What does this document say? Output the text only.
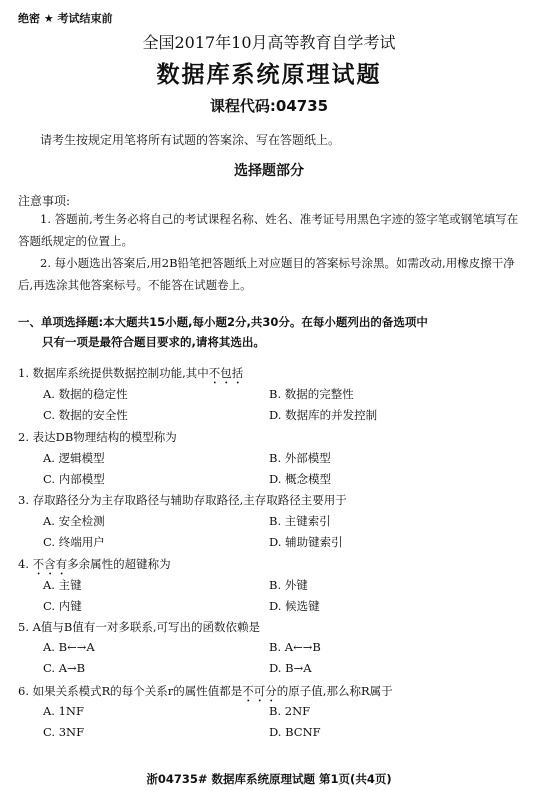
绝密 ★ 考试结束前
全国2017年10月高等教育自学考试
数据库系统原理试题
课程代码:04735
请考生按规定用笔将所有试题的答案涂、写在答题纸上。
选择题部分
注意事项:
1. 答题前,考生务必将自己的考试课程名称、姓名、准考证号用黑色字迹的签字笔或钢笔填写在答题纸规定的位置上。
2. 每小题选出答案后,用2B铅笔把答题纸上对应题目的答案标号涂黑。如需改动,用橡皮擦干净后,再选涂其他答案标号。不能答在试题卷上。
一、单项选择题:本大题共15小题,每小题2分,共30分。在每小题列出的备选项中
只有一项是最符合题目要求的,请将其选出。
1. 数据库系统提供数据控制功能,其中不包括
A. 数据的稳定性	B. 数据的完整性
C. 数据的安全性	D. 数据库的并发控制
2. 表达DB物理结构的模型称为
A. 逻辑模型	B. 外部模型
C. 内部模型	D. 概念模型
3. 存取路径分为主存取路径与辅助存取路径,主存取路径主要用于
A. 安全检测	B. 主键索引
C. 终端用户	D. 辅助键索引
4. 不含有多余属性的超键称为
A. 主键	B. 外键
C. 内键	D. 候选键
5. A值与B值有一对多联系,可写出的函数依赖是
A. B←→A	B. A←→B
C. A→B	D. B→A
6. 如果关系模式R的每个关系r的属性值都是不可分的原子值,那么称R属于
A. 1NF	B. 2NF
C. 3NF	D. BCNF
浙04735# 数据库系统原理试题 第1页(共4页)
